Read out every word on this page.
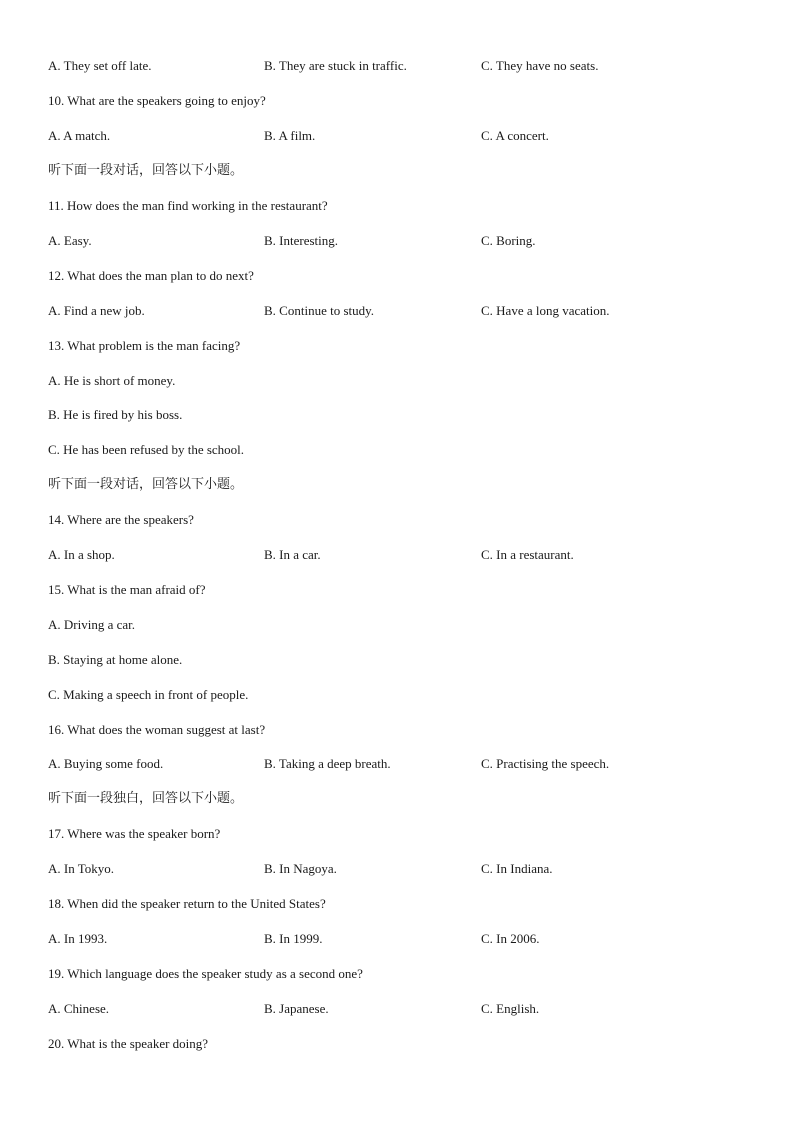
A. They set off late.	B. They are stuck in traffic.	C. They have no seats.
10. What are the speakers going to enjoy?
A. A match.	B. A film.	C. A concert.
听下面一段对话，回答以下小题。
11. How does the man find working in the restaurant?
A. Easy.	B. Interesting.	C. Boring.
12. What does the man plan to do next?
A. Find a new job.	B. Continue to study.	C. Have a long vacation.
13. What problem is the man facing?
A. He is short of money.
B. He is fired by his boss.
C. He has been refused by the school.
听下面一段对话，回答以下小题。
14. Where are the speakers?
A. In a shop.	B. In a car.	C. In a restaurant.
15. What is the man afraid of?
A. Driving a car.
B. Staying at home alone.
C. Making a speech in front of people.
16. What does the woman suggest at last?
A. Buying some food.	B. Taking a deep breath.	C. Practising the speech.
听下面一段独白，回答以下小题。
17. Where was the speaker born?
A. In Tokyo.	B. In Nagoya.	C. In Indiana.
18. When did the speaker return to the United States?
A. In 1993.	B. In 1999.	C. In 2006.
19. Which language does the speaker study as a second one?
A. Chinese.	B. Japanese.	C. English.
20. What is the speaker doing?
